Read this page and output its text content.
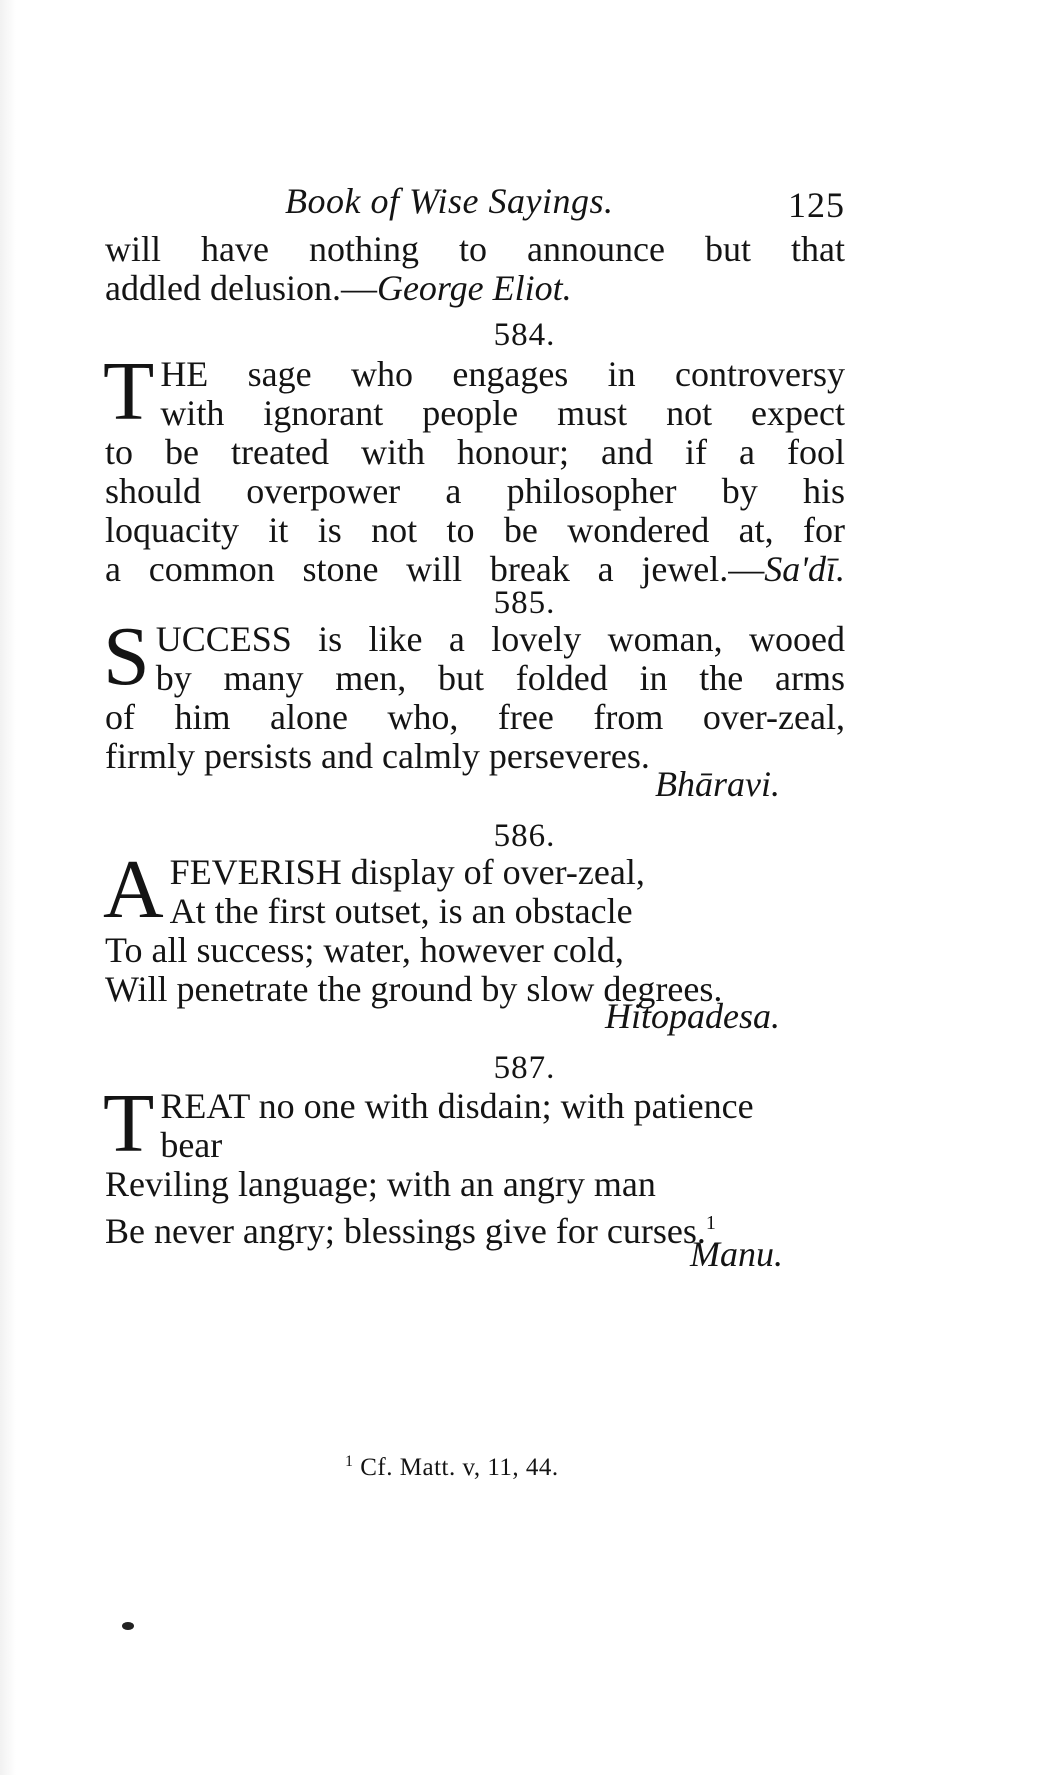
Book of Wise Sayings.	125
will have nothing to announce but that
addled delusion.—George Eliot.
584.
T HE sage who engages in controversy
with ignorant people must not expect
to be treated with honour; and if a fool
should overpower a philosopher by his
loquacity it is not to be wondered at, for
a common stone will break a jewel.—Sa'dī.
585.
S UCCESS is like a lovely woman, wooed
by many men, but folded in the arms
of him alone who, free from over-zeal,
firmly persists and calmly perseveres.
Bhāravi.
586.
A FEVERISH display of over-zeal,
At the first outset, is an obstacle
To all success; water, however cold,
Will penetrate the ground by slow degrees.
Hitopadesa.
587.
T REAT no one with disdain; with patience
bear
Reviling language; with an angry man
Be never angry; blessings give for curses.$^1$
Manu.
$^1$ Cf. Matt. v, 11, 44.
